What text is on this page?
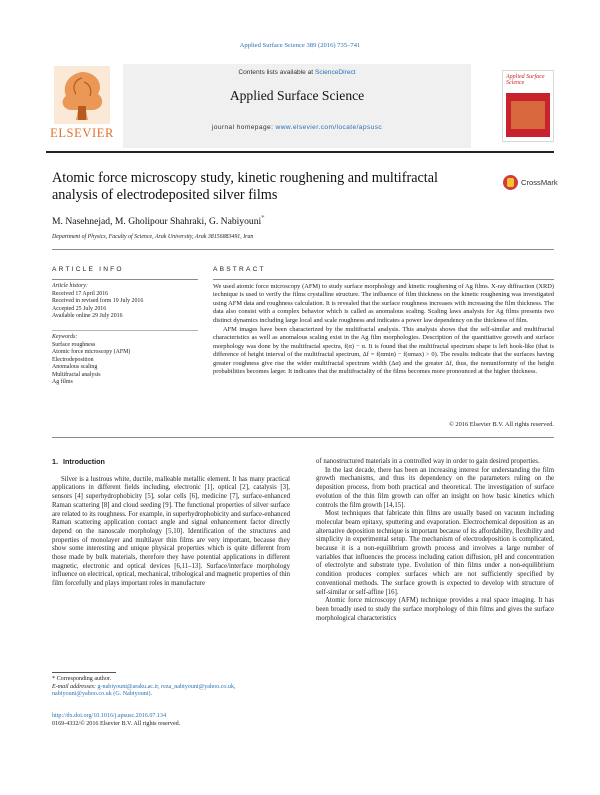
Applied Surface Science 389 (2016) 735–741
ELSEVIER
Contents lists available at ScienceDirect
Applied Surface Science
journal homepage: www.elsevier.com/locate/apsusc
Applied Surface Science
Atomic force microscopy study, kinetic roughening and multifractal analysis of electrodeposited silver films
CrossMark
M. Nasehnejad, M. Gholipour Shahraki, G. Nabiyouni*
Department of Physics, Faculty of Science, Arak University, Arak 38156883491, Iran
ARTICLE INFO	ABSTRACT
Article history:
Received 17 April 2016
Received in revised form 19 July 2016
Accepted 25 July 2016
Available online 29 July 2016
Keywords:
Surface roughness
Atomic force microscopy (AFM)
Electrodeposition
Anomalous scaling
Multifractal analysis
Ag films

We used atomic force microscopy (AFM) to study surface morphology and kinetic roughening of Ag films. X-ray diffraction (XRD) technique is used to verify the films crystalline structure. The influence of film thickness on the kinetic roughening was investigated using AFM data and roughness calculation. It is revealed that the surface roughness increases with increasing the film thickness. The data also consist with a complex behavior which is called as anomalous scaling. Scaling laws analysis for Ag films presents two distinct dynamics including large local and scale roughness and indicates a power law dependency on the thickness of film.

AFM images have been characterized by the multifractal analysis. This analysis shows that the self-similar and multifractal characteristics as well as anomalous scaling exist in the Ag film morphologies. Description of the quantitative growth and surface morphology was done by the multifractal spectra, f(α) − α. It is found that the multifractal spectrum shape is left hook-like (that is difference of height interval of the multifractal spectrum, Δf = f(αmin) − f(αmax) > 0). The results indicate that the surfaces having greater roughness give rise the wider multifractal spectrum width (Δα) and the greater Δf, thus, the nonuniformity of the height probabilities becomes larger. It indicates that the multifractality of the films becomes more pronounced at the higher thickness.

© 2016 Elsevier B.V. All rights reserved.
1. Introduction

Silver is a lustrous white, ductile, malleable metallic element. It has many practical applications in different fields including, electronic [1], optical [2], catalysis [3], sensors [4] superhydrophobicity [5], solar cells [6], medicine [7], surface-enhanced Raman scattering [8] and cloud seeding [9]. The functional properties of silver surface are related to its roughness. For example, in superhydrophobicity and surface-enhanced Raman scattering application contact angle and signal enhancement factor directly depend on the nanoscale morphology [5,10]. Identification of the structures and properties of monolayer and multilayer thin films are very important, because they show some interesting and unique physical properties which is quite different from those made by bulk materials, therefore they have potential applications in different magnetic, electronic and optical devices [6,11–13]. Surface/interface morphology influence on electrical, optical, mechanical, tribological and magnetic properties of thin film forcefully and plays important roles in manufacture

of nanostructured materials in a controlled way in order to gain desired properties.

In the last decade, there has been an increasing interest for understanding the film growth mechanisms, and thus its dependency on the parameters ruling on the deposition process, from both practical and theoretical. The investigation of surface evolution of the thin film growth can offer an insight on how basic kinetics which controls the film growth [14,15].

Most techniques that fabricate thin films are usually based on vacuum including molecular beam epitaxy, sputtering and evaporation. Electrochemical deposition as an alternative deposition technique is important because of its affordability, flexibility and simplicity in experimental setup. The mechanism of electrodeposition is complicated, because it is a non-equilibrium growth process and involves a large number of variables that influences the process including cation diffusion, pH and concentration of electrolyte and substrate type. Evolution of thin films under a non-equilibrium condition produces complex surfaces which are not sufficiently specified by conventional methods. The surface growth is expected to develop with structure of self-similar or self-affine [16].

Atomic force microscopy (AFM) technique provides a real space imaging. It has been broadly used to study the surface morphology of thin films and gives the surface morphological characteristics

* Corresponding author.
E-mail addresses: g-nabiyouni@araku.ac.ir, reza_nabiyouni@yahoo.co.uk, nabiyouni@yahoo.co.uk (G. Nabiyouni).
http://dx.doi.org/10.1016/j.apsusc.2016.07.134
0169-4332/© 2016 Elsevier B.V. All rights reserved.
